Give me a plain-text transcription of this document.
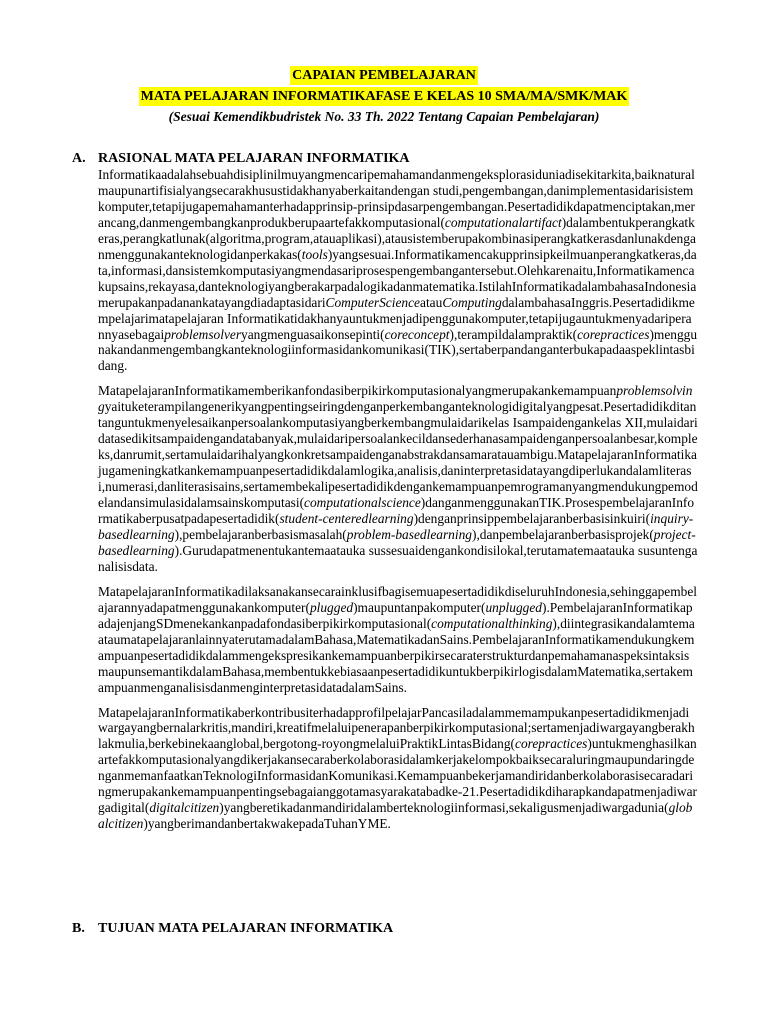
CAPAIAN PEMBELAJARAN
MATA PELAJARAN INFORMATIKAFASE E KELAS 10 SMA/MA/SMK/MAK
(Sesuai Kemendikbudristek No. 33 Th. 2022 Tentang Capaian Pembelajaran)
A. RASIONAL MATA PELAJARAN INFORMATIKA

Informatikaadalahsebuahdisiplinilmuyangmencaripemahamandanmengeksplorasiduniadisekitarkita,baiknaturalmaupunartifisialyangsecarakhusustidakhanyaberkaitandengan studi,pengembangan,danimplementasidarisistemkomputer,tetapijugapemahamanterhadapprinsip-prinsipdasarpengembangan.Pesertadidikdapatmenciptakan,merancang,danmengembangkanprodukberupaartefakkomputasional(computationalartifact)dalambentukperangkatkeras,perangkatlunak(algoritma,program,atauaplikasi),atausistemberupakombinasiperangkatkerasdanlunakdenganmenggunakanteknologidanperkakas(tools)yangsesuai.Informatikamencakupprinsipkeilmuanperangkatkeras,data,informasi,dansistemkomputasiyangmendasariprosespengembangantersebut.Olehkarenaitu,Informatikamencakupsains,rekayasa,danteknologiyangberakarpadalogikadanmatematika.IstilahInformatikadalambahasaIndonesiamerupakanpadanankatayangdiadaptasidariComputerScienceatauComputingdalambahasaInggris.Pesertadidikmempelajarimatapelajaran Informatikatidakhanyauntukmenjadipenggunakomputer,tetapijugauntukmenyadariperannyasebagaiproblemsolveryangmenguasaikonsepinti(coreconcept),terampildalampraktik(corepractices)menggunakandanmengembangkanteknologiinformasidankomunikasi(TIK),sertaberpandanganterbukapadaaspeklintasbidang.

MatapelajaranInformatikamemberikanfondasiberpikirkomputasionalyangmerupakankemampuanproblemsolvingyaituketerampilangenerikyangpentingseiringdenganperkembanganteknologidigitalyangpesat.Pesertadidikditantanguntukmenyelesaikanpersoalankomputasiyangberkembangmulaidarikelas Isampaidengankelas XII,mulaidaridatasedikitsampaidengandatabanyak,mulaidaripersoalankecildansederhanasampaidenganpersoalanbesar,kompleks,danrumit,sertamulaidarihalyangkonkretsampaidenganabstrakdansamaratauambigu.MatapelajaranInformatikajugameningkatkankemampuanpesertadidikdalamlogika,analisis,daninterpretasidatayangdiperlukandalamliterasi,numerasi,danliterasisains,sertamembekalipesertadidikdengankemampuanpemrogramanyangmendukungpemodelandansimulasidalamsainskomputasi(computationalscience)danganmenggunakanTIK.ProsespembelajaranInformatikaberpusatpadapesertadidik(student-centeredlearning)denganprinsippembelajaranberbasisinkuiri(inquiry-basedlearning),pembelajaranberbasismasalah(problem-basedlearning),danpembelajaranberbasisprojek(project-basedlearning).Gurudapatmenentukantemaatauka sussesuaidengankondisilokal,terutamatemaatauka susuntenganalisisdata.

MatapelajaranInformatikadilaksanakansecarainklusifbagisemuapesertadidikdiseluruhIndonesia,sehinggapembelajarannyadapatmenggunakankomputer(plugged)maupuntanpakomputer(unplugged).PembelajaranInformatikapadajenjangSDmenekankanpadafondasiberpikirkomputasional(computationalthinking),diintegrasikandalamtemaataumatapelajaranlainnyaterutamadalamBahasa,MatematikadanSains.PembelajaranInformatikamendukungkemampuanpesertadidikdalammengekspresikankemampuanberpikirsecaraterstrukturdanpemahamanaspeksintaksismaupunsemantikdalamBahasa,membentukkebiasaanpesertadidikuntukberpikirlogisdalamMatematika,sertakemampuanmenganalisisdanmenginterpretasidatadalamSains.

MatapelajaranInformatikaberkontribusiterhadapprofilpelajarPancasiladalammemampukanpesertadidikmenjadiwargayangbernalarkritis,mandiri,kreatifmelaluipenerapanberpikirkomputasional;sertamenjadiwargayangberakhlakmulia,berkebinekaanglobal,bergotong-royongmelaluiPraktikLintasBidang(corepractices)untukmenghasilkanartefakkomputasionalyangdikerjakansecaraberkolaborasidalamkerjakelompokbaiksecaraluringmaupundaringdenganmemanfaatkanTeknologiInformasidanKomunikasi.Kemampuanbekerjamandiridanberkolaborasisecaradaringmerupakankemampuanpentingsebagaianggotamasyarakatabadke-21.Pesertadidikdiharapkandapatmenjadiwargadigital(digitalcitizen)yangberetikadanmandiridalamberteknologiinformasi,sekaligusmenjadiwargadunia(globalcitizen)yangberimandanbertakwakepadaTuhanYME.

B. TUJUAN MATA PELAJARAN INFORMATIKA
